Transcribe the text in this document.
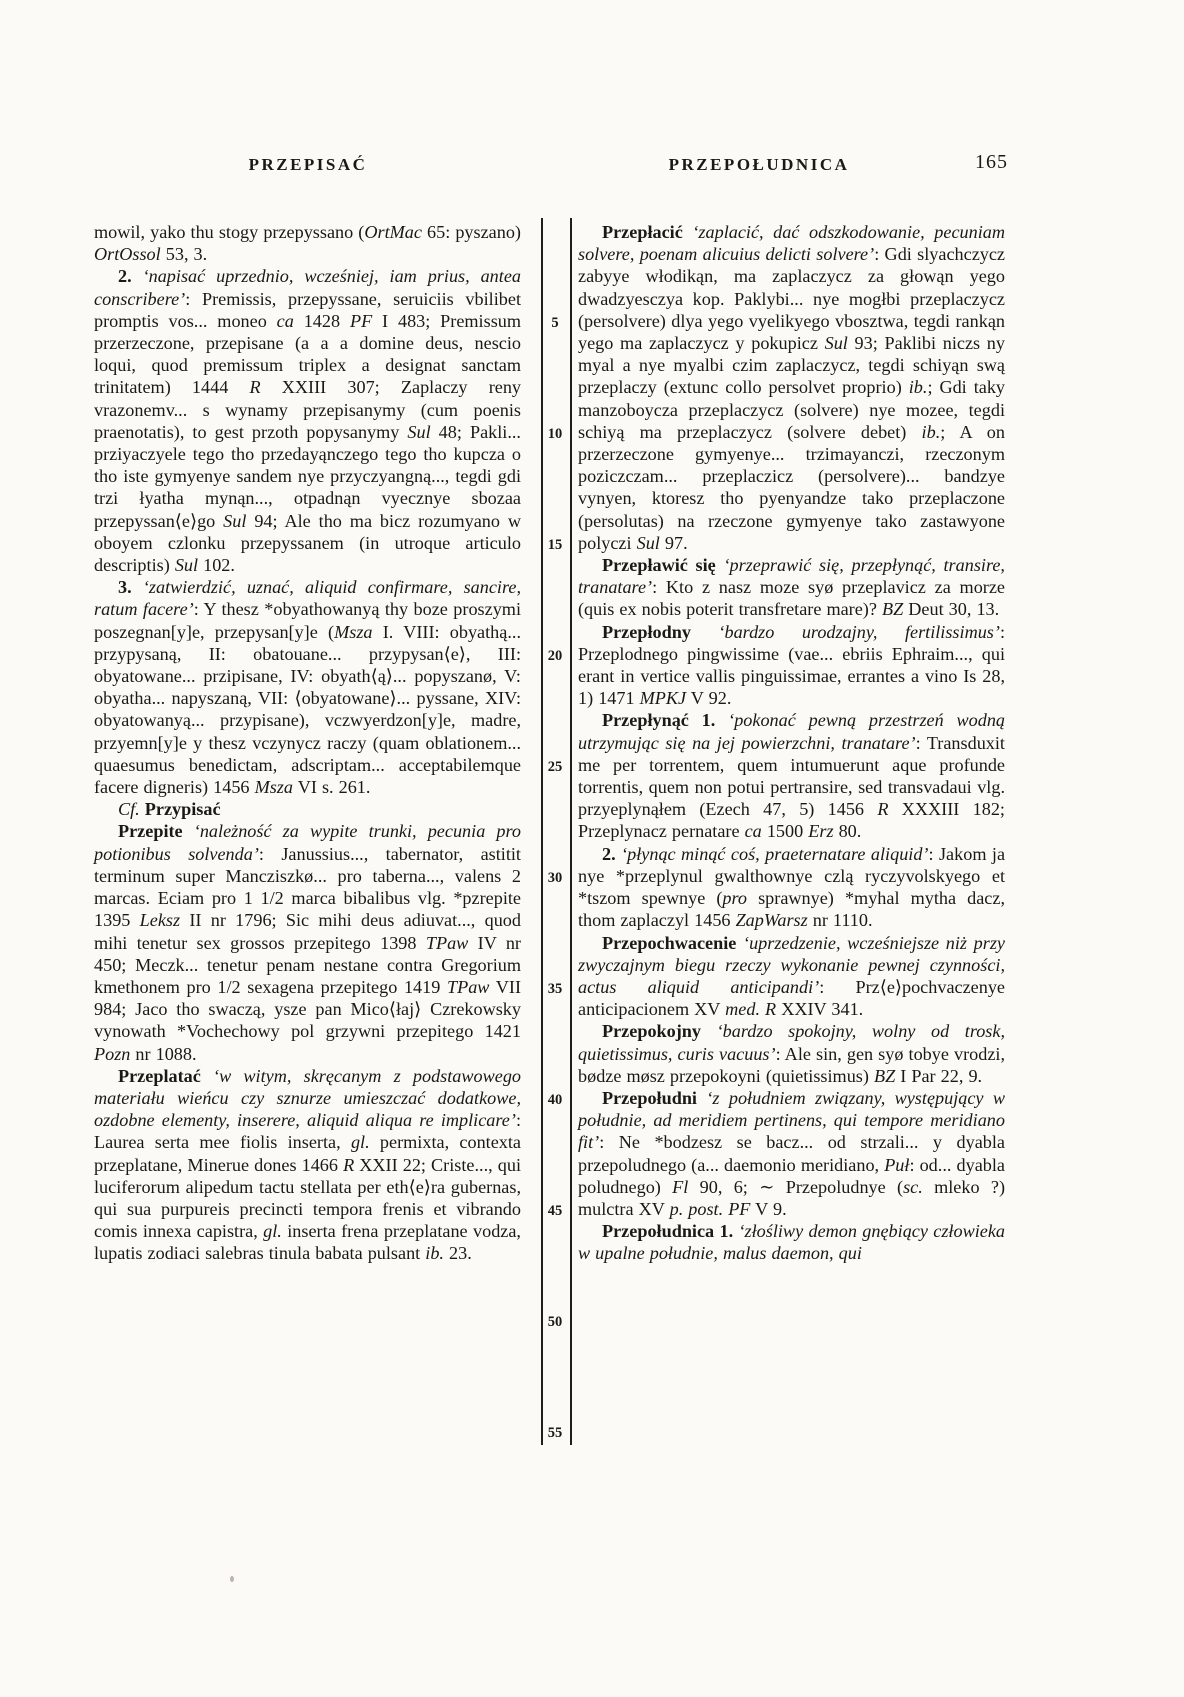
PRZEPISAĆ	PRZEPOŁUDNICA	165

mowil, yako thu stogy przepyssano (OrtMac 65: pyszano) OrtOssol 53, 3.

2. ‘napisać uprzednio, wcześniej, iam prius, antea conscribere’: Premissis, przepyssane, seruiciis vbilibet promptis vos... moneo ca 1428 PF I 483; Premissum przerzeczone, przepisane (a a a domine deus, nescio loqui, quod premissum triplex a designat sanctam trinitatem) 1444 R XXIII 307; Zaplaczy reny vrazonemv... s wynamy przepisanymy (cum poenis praenotatis), to gest przoth popysanymy Sul 48; Pakli... prziyaczyele tego tho przedayąnczego tego tho kupcza o tho iste gymyenye sandem nye przyczyangną..., tegdi gdi trzi łyatha mynąn..., otpadnąn vyecznye sbozaa przepyssan⟨e⟩go Sul 94; Ale tho ma bicz rozumyano w oboyem czlonku przepyssanem (in utroque articulo descriptis) Sul 102.

3. ‘zatwierdzić, uznać, aliquid confirmare, sancire, ratum facere’: Y thesz *obyathowanyą thy boze proszymi poszegnan[y]e, przepysan[y]e (Msza I. VIII: obyathą... przypysaną, II: obatouane... przypysan⟨e⟩, III: obyatowane... przipisane, IV: obyath⟨ą⟩... popyszanø, V: obyatha... napyszaną, VII: ⟨obyatowane⟩... pyssane, XIV: obyatowanyą... przypisane), vczwyerdzon[y]e, madre, przyemn[y]e y thesz vczynycz raczy (quam oblationem... quaesumus benedictam, adscriptam... acceptabilemque facere digneris) 1456 Msza VI s. 261.

Cf. Przypisać

Przepite ‘należność za wypite trunki, pecunia pro potionibus solvenda’: Janussius..., tabernator, astitit terminum super Mancziszkø... pro taberna..., valens 2 marcas. Eciam pro 1 1/2 marca bibalibus vlg. *pzrepite 1395 Leksz II nr 1796; Sic mihi deus adiuvat..., quod mihi tenetur sex grossos przepitego 1398 TPaw IV nr 450; Meczk... tenetur penam nestane contra Gregorium kmethonem pro 1/2 sexagena przepitego 1419 TPaw VII 984; Jaco tho swaczą, ysze pan Mico⟨łaj⟩ Czrekowsky vynowath *Vochechowy pol grzywni przepitego 1421 Pozn nr 1088.

Przeplatać ‘w witym, skręcanym z podstawowego materiału wieńcu czy sznurze umieszczać dodatkowe, ozdobne elementy, inserere, aliquid aliqua re implicare’: Laurea serta mee fiolis inserta, gl. permixta, contexta przeplatane, Minerue dones 1466 R XXII 22; Criste..., qui luciferorum alipedum tactu stellata per eth⟨e⟩ra gubernas, qui sua purpureis precincti tempora frenis et vibrando comis innexa capistra, gl. inserta frena przeplatane vodza, lupatis zodiaci salebras tinula babata pulsant ib. 23.

5
10
15
20
25
30
35
40
45
50
55

Przepłacić ‘zaplacić, dać odszkodowanie, pecuniam solvere, poenam alicuius delicti solvere’: Gdi slyachczycz zabyye włodikąn, ma zaplaczycz za głowąn yego dwadzyesczya kop. Paklybi... nye mogłbi przeplaczycz (persolvere) dlya yego vyelikyego vbosztwa, tegdi rankąn yego ma zaplaczycz y pokupicz Sul 93; Paklibi niczs ny myal a nye myalbi czim zaplaczycz, tegdi schiyąn swą przeplaczy (extunc collo persolvet proprio) ib.; Gdi taky manzoboycza przeplaczycz (solvere) nye mozee, tegdi schiyą ma przeplaczycz (solvere debet) ib.; A on przerzeczone gymyenye... trzimayanczi, rzeczonym poziczczam... przeplaczicz (persolvere)... bandzye vynyen, ktoresz tho pyenyandze tako przeplaczone (persolutas) na rzeczone gymyenye tako zastawyone polyczi Sul 97.

Przepławić się ‘przeprawić się, przepłynąć, transire, tranatare’: Kto z nasz moze syø przeplavicz za morze (quis ex nobis poterit transfretare mare)? BZ Deut 30, 13.

Przepłodny ‘bardzo urodzajny, fertilissimus’: Przeplodnego pingwissime (vae... ebriis Ephraim..., qui erant in vertice vallis pinguissimae, errantes a vino Is 28, 1) 1471 MPKJ V 92.

Przepłynąć 1. ‘pokonać pewną przestrzeń wodną utrzymując się na jej powierzchni, tranatare’: Transduxit me per torrentem, quem intumuerunt aque profunde torrentis, quem non potui pertransire, sed transvadaui vlg. przyeplynąłem (Ezech 47, 5) 1456 R XXXIII 182; Przeplynacz pernatare ca 1500 Erz 80.

2. ‘płynąc minąć coś, praeternatare aliquid’: Jakom ja nye *przeplynul gwalthownye czlą ryczyvolskyego et *tszom spewnye (pro sprawnye) *myhal mytha dacz, thom zaplaczyl 1456 ZapWarsz nr 1110.

Przepochwacenie ‘uprzedzenie, wcześniejsze niż przy zwyczajnym biegu rzeczy wykonanie pewnej czynności, actus aliquid anticipandi’: Prz⟨e⟩pochvaczenye anticipacionem XV med. R XXIV 341.

Przepokojny ‘bardzo spokojny, wolny od trosk, quietissimus, curis vacuus’: Ale sin, gen syø tobye vrodzi, bødze møsz przepokoyni (quietissimus) BZ I Par 22, 9.

Przepołudni ‘z południem związany, występujący w południe, ad meridiem pertinens, qui tempore meridiano fit’: Ne *bodzesz se bacz... od strzali... y dyabla przepoludnego (a... daemonio meridiano, Puł: od... dyabla poludnego) Fl 90, 6; ∼ Przepoludnye (sc. mleko ?) mulctra XV p. post. PF V 9.

Przepołudnica 1. ‘złośliwy demon gnębiący człowieka w upalne południe, malus daemon, qui
